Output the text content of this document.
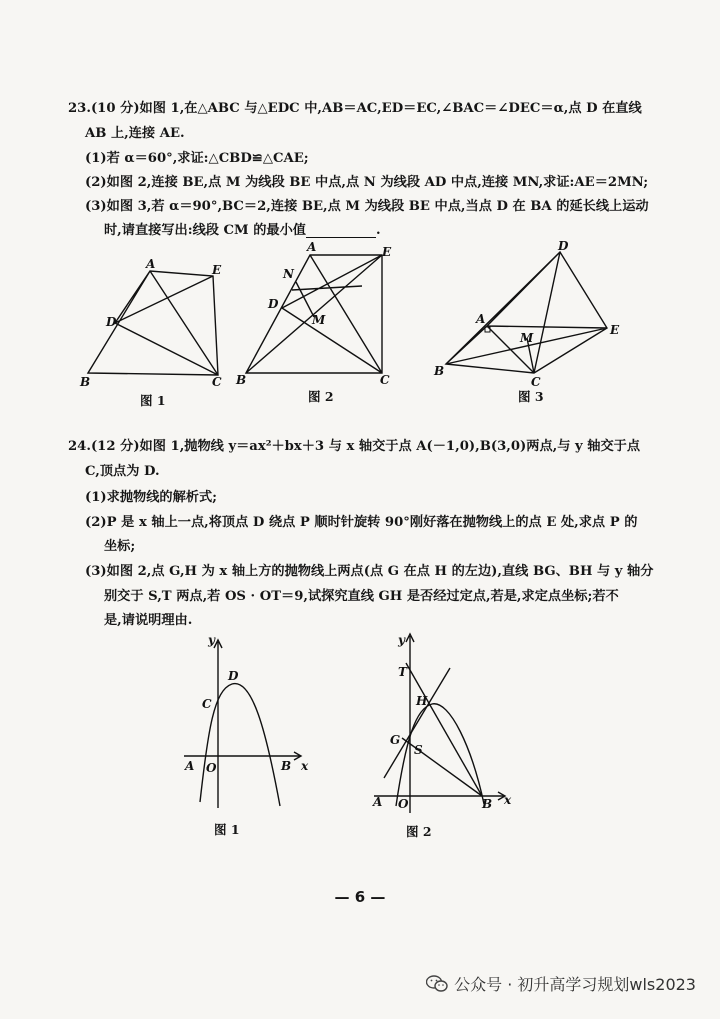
23.(10 分)如图 1,在△ABC 与△EDC 中,AB＝AC,ED＝EC,∠BAC＝∠DEC＝α,点 D 在直线
AB 上,连接 AE.
(1)若 α＝60°,求证:△CBD≌△CAE;
(2)如图 2,连接 BE,点 M 为线段 BE 中点,点 N 为线段 AD 中点,连接 MN,求证:AE＝2MN;
(3)如图 3,若 α＝90°,BC＝2,连接 BE,点 M 为线段 BE 中点,当点 D 在 BA 的延长线上运动
时,请直接写出:线段 CM 的最小值	.
A	E
D
B	C
图 1
A	E
N
D
M
B	C
图 2
D
A
M
E
B
C
图 3
24.(12 分)如图 1,抛物线 y＝ax²＋bx＋3 与 x 轴交于点 A(－1,0),B(3,0)两点,与 y 轴交于点
C,顶点为 D.
(1)求抛物线的解析式;
(2)P 是 x 轴上一点,将顶点 D 绕点 P 顺时针旋转 90°刚好落在抛物线上的点 E 处,求点 P 的
坐标;
(3)如图 2,点 G,H 为 x 轴上方的抛物线上两点(点 G 在点 H 的左边),直线 BG、BH 与 y 轴分
别交于 S,T 两点,若 OS · OT＝9,试探究直线 GH 是否经过定点,若是,求定点坐标;若不
是,请说明理由.
y
D
C
A O	B x
图 1
y
T
H
G
S
A O	B x
图 2
— 6 —
公众号 · 初升高学习规划wls2023
